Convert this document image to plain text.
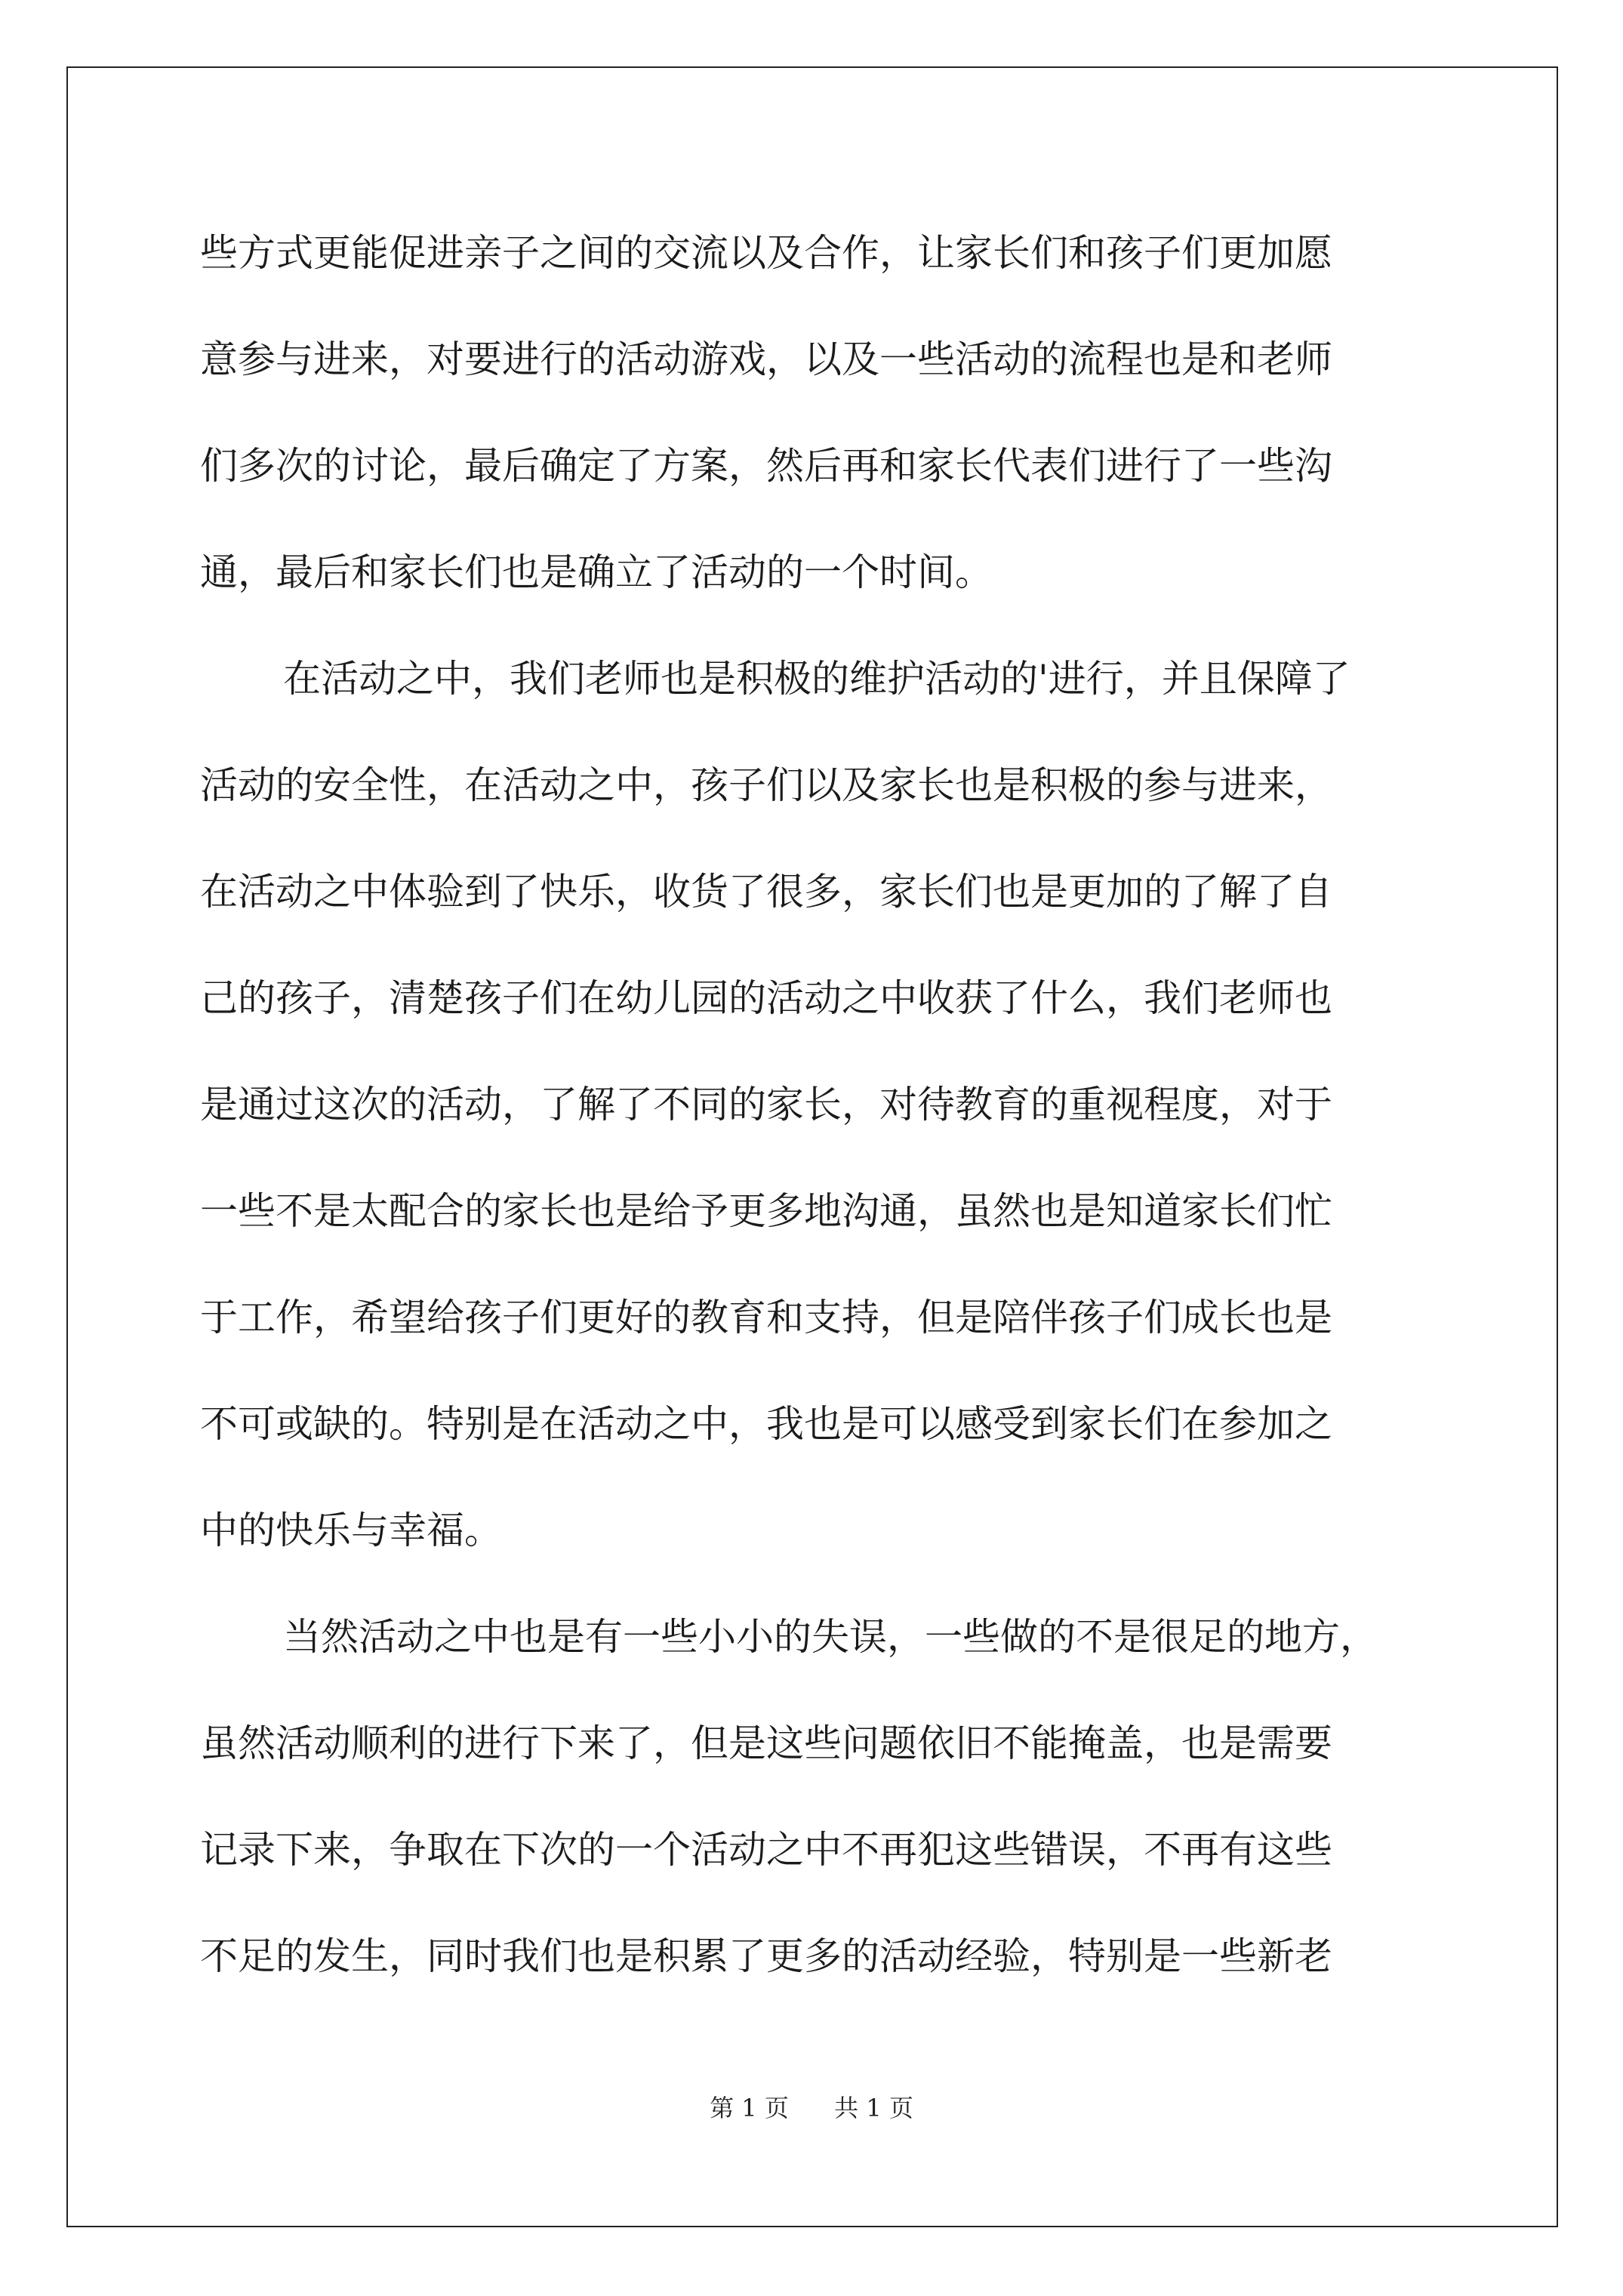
些方式更能促进亲子之间的交流以及合作，让家长们和孩子们更加愿
意参与进来，对要进行的活动游戏，以及一些活动的流程也是和老师
们多次的讨论，最后确定了方案，然后再和家长代表们进行了一些沟
通，最后和家长们也是确立了活动的一个时间。
在活动之中，我们老师也是积极的维护活动的'进行，并且保障了
活动的安全性，在活动之中，孩子们以及家长也是积极的参与进来，
在活动之中体验到了快乐，收货了很多，家长们也是更加的了解了自
己的孩子，清楚孩子们在幼儿园的活动之中收获了什么，我们老师也
是通过这次的活动，了解了不同的家长，对待教育的重视程度，对于
一些不是太配合的家长也是给予更多地沟通，虽然也是知道家长们忙
于工作，希望给孩子们更好的教育和支持，但是陪伴孩子们成长也是
不可或缺的。特别是在活动之中，我也是可以感受到家长们在参加之
中的快乐与幸福。
当然活动之中也是有一些小小的失误，一些做的不是很足的地方，
虽然活动顺利的进行下来了，但是这些问题依旧不能掩盖，也是需要
记录下来，争取在下次的一个活动之中不再犯这些错误，不再有这些
不足的发生，同时我们也是积累了更多的活动经验，特别是一些新老
第 1 页 共 1 页
